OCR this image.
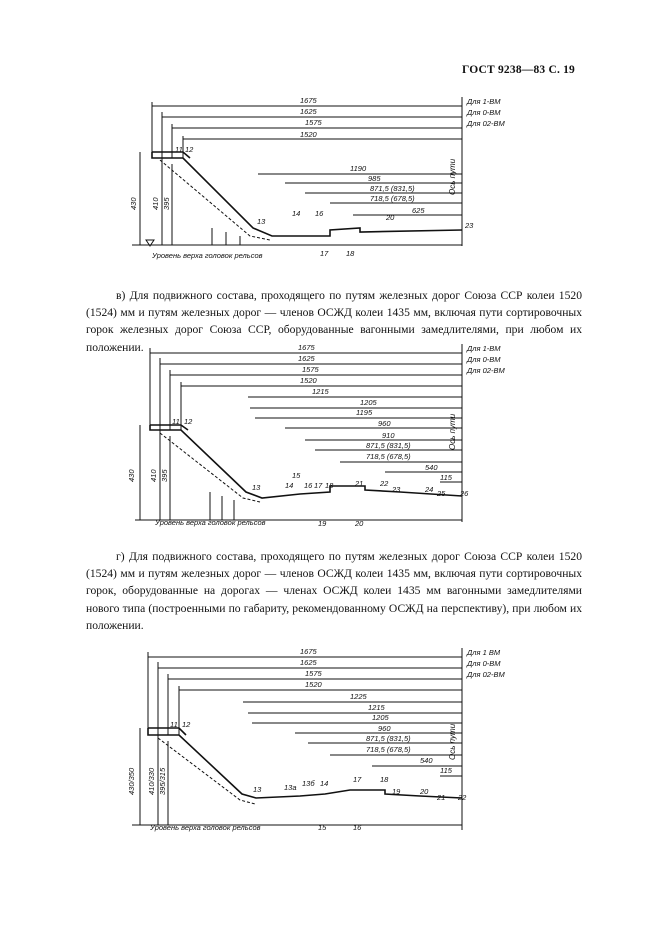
ГОСТ 9238—83 С. 19
1675
1625
1575
1520
1190
985
871,5 (831,5)
718,5 (678,5)
625
Для 1-ВМ
Для 0-ВМ
Для 02-ВМ
11 12
13
14 16	20
23
17 18
Уровень верха головок рельсов
Ось пути
430 410 395
в) Для подвижного состава, проходящего по путям железных дорог Союза ССР колеи 1520 (1524) мм и путям железных дорог — членов ОСЖД колеи 1435 мм, включая пути сортировочных горок железных дорог Союза ССР, оборудованные вагонными замедлителями, при любом их положении.	1675
1625
1575
1520
1215
1205
1195
960
910
871,5 (831,5)
718,5 (678,5)
540
115
Для 1-ВМ
Для 0-ВМ
Для 02-ВМ
11 12
13	14
15
16 17 18	21 22
23	24 25 26
19	20
Уровень верха головок рельсов
Ось пути
430 410 395
г) Для подвижного состава, проходящего по путям железных дорог Союза ССР колеи 1520 (1524) мм и путям железных дорог — членов ОСЖД колеи 1435 мм, включая пути сортировочных горок, оборудованные на дорогах — членах ОСЖД колеи 1435 мм вагонными замедлителями нового типа (построенными по габариту, рекомендованному ОСЖД на перспективу), при любом их положении.
1675
1625
1575
1520
1225
1215
1205
960
871,5 (831,5)
718,5 (678,5)
540
115
Для 1 ВМ
Для 0-ВМ
Для 02-ВМ
11 12
13	13а 13б 14	17 18
19	20
21 22
15	16
Уровень верха головок рельсов
Ось пути
430/350 410/330 395/315
